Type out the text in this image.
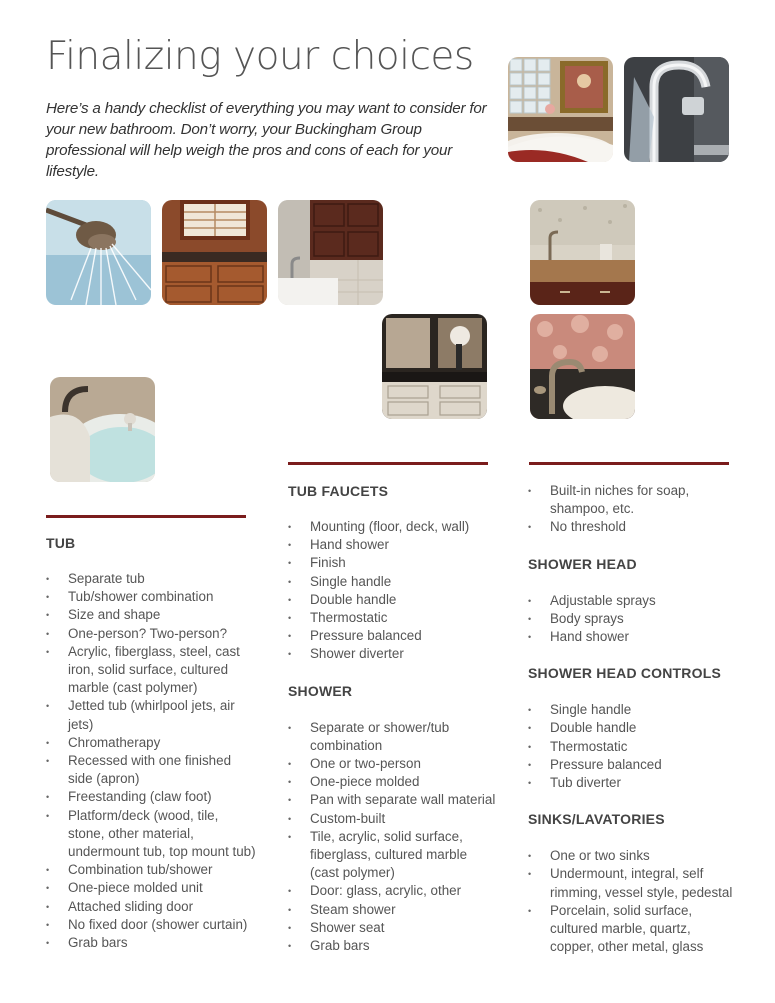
Finalizing your choices

Here’s a handy checklist of everything you may want to consider for your new bathroom. Don’t worry, your Buckingham Group professional will help weigh the pros and cons of each for your lifestyle.

TUB
• Separate tub
• Tub/shower combination
• Size and shape
• One-person? Two-person?
• Acrylic, fiberglass, steel, cast iron, solid surface, cultured marble (cast polymer)
• Jetted tub (whirlpool jets, air jets)
• Chromatherapy
• Recessed with one finished side (apron)
• Freestanding (claw foot)
• Platform/deck (wood, tile, stone, other material, undermount tub, top mount tub)
• Combination tub/shower
• One-piece molded unit
• Attached sliding door
• No fixed door (shower curtain)
• Grab bars
TUB FAUCETS
• Mounting (floor, deck, wall)
• Hand shower
• Finish
• Single handle
• Double handle
• Thermostatic
• Pressure balanced
• Shower diverter
SHOWER
• Separate or shower/tub combination
• One or two-person
• One-piece molded
• Pan with separate wall material
• Custom-built
• Tile, acrylic, solid surface, fiberglass, cultured marble (cast polymer)
• Door: glass, acrylic, other
• Steam shower
• Shower seat
• Grab bars
• Built-in niches for soap, shampoo, etc.
• No threshold
SHOWER HEAD
• Adjustable sprays
• Body sprays
• Hand shower
SHOWER HEAD CONTROLS
• Single handle
• Double handle
• Thermostatic
• Pressure balanced
• Tub diverter
SINKS/LAVATORIES
• One or two sinks
• Undermount, integral, self rimming, vessel style, pedestal
• Porcelain, solid surface, cultured marble, quartz, copper, other metal, glass
